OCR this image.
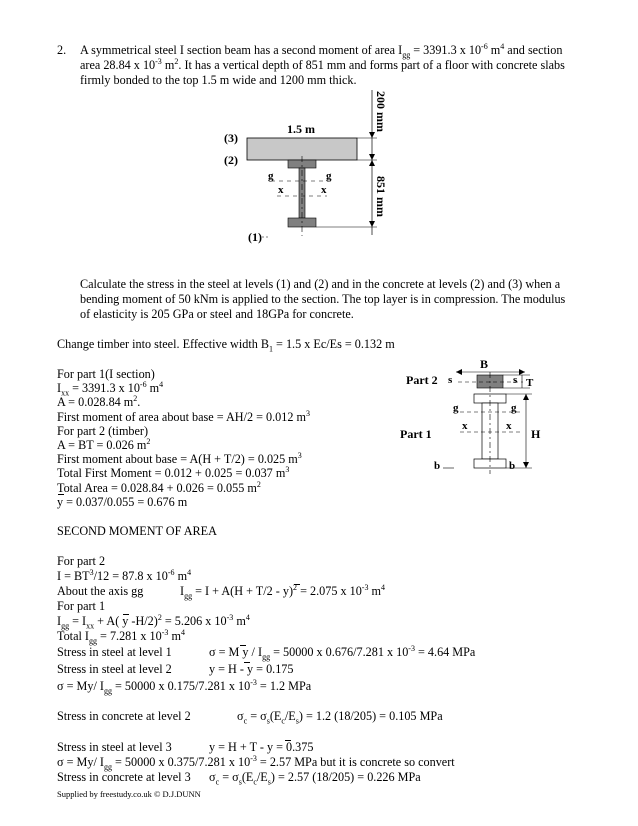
2. A symmetrical steel I section beam has a second moment of area $I_{gg} = 3391.3$ x $10^{-6}$ $m^4$ and section
area 28.84 x $10^{-3}$ $m^2$. It has a vertical depth of 851 mm and forms part of a floor with concrete slabs
firmly bonded to the top 1.5 m wide and 1200 mm thick.
g	g
x	x
1.5 m
(3)
(2)
(1)
200 mm
851 mm
Calculate the stress in the steel at levels (1) and (2) and in the concrete at levels (2) and (3) when a
bending moment of 50 kNm is applied to the section. The top layer is in compression. The modulus
of elasticity is 205 GPa or steel and 18GPa for concrete.
Change timber into steel. Effective width $B_1 = 1.5$ x Ec/Es = 0.132 m
B
Part 2
Part 1
s	s T
g	g
x	x
H
b	b
For part 1(I section)
$I_{xx} = 3391.3$ x $10^{-6}$ $m^4$
A = 0.028.84 $m^2$.
First moment of area about base = AH/2 = 0.012 $m^3$
For part 2 (timber)
A = BT = 0.026 $m^2$
First moment about base = A(H + T/2) = 0.025 $m^3$
Total First Moment = 0.012 + 0.025 = 0.037 $m^3$
Total Area = 0.028.84 + 0.026 = 0.055 $m^2$
y = 0.037/0.055 = 0.676 m
SECOND MOMENT OF AREA
For part 2
$I = BT^3/12 = 87.8$ x $10^{-6}$ $m^4$
About the axis gg	$I_{gg} = I + A(H + T/2 - y)^2 = 2.075$ x $10^{-3}$ $m^4$
For part 1
$I_{gg} = I_{xx} + A$( y -H/2)$^2$ = 5.206 x $10^{-3}$ $m^4$
Total $I_{gg} = 7.281$ x $10^{-3}$ $m^4$
Stress in steel at level 1	σ = M $y / I_{gg} = 50000$ x 0.676/7.281 x $10^{-3} = 4.64$ MPa
Stress in steel at level 2	y = H - y = 0.175
σ = My/ $I_{gg} = 50000$ x 0.175/7.281 x $10^{-3} = 1.2$ MPa
Stress in concrete at level 2	$\sigma_c = \sigma_s(E_c/E_s) = 1.2$ (18/205) = 0.105 MPa
Stress in steel at level 3	y = H + T - y = 0.375
σ = My/ $I_{gg} = 50000$ x 0.375/7.281 x $10^{-3} = 2.57$ MPa but it is concrete so convert
Stress in concrete at level 3 $\sigma_c = \sigma_s(E_c/E_s) = 2.57$ (18/205) = 0.226 MPa
Supplied by freestudy.co.uk © D.J.DUNN
